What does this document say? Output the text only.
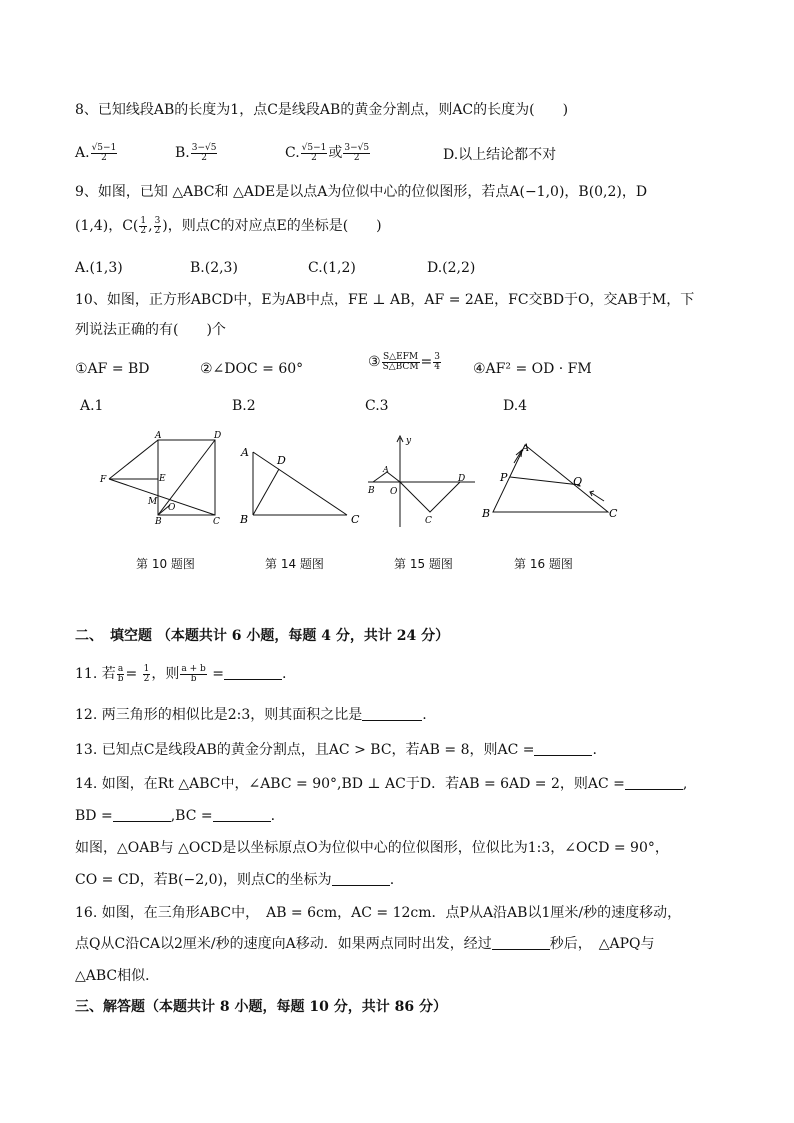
8、已知线段AB的长度为1，点C是线段AB的黄金分割点，则AC的长度为(　　)
A. $\frac{√5-1}{2}$	B. $\frac{3-√5}{2}$	C. $\frac{√5-1}{2}$ 或 $\frac{3-√5}{2}$	D.以上结论都不对
9、如图，已知 △ABC和 △ADE是以点A为位似中心的位似图形，若点A(−1,0)，B(0,2)，D
(1,4)，$C( \frac{1}{2}$ , $\frac{3}{2}$ )，则点C的对应点E的坐标是(　　)
A.(1,3)	B.(2,3)	C.(1,2)	D.(2,2)
10、如图，正方形ABCD中，E为AB中点，FE ⊥ AB，AF = 2AE，FC交BD于O，交AB于M，下
列说法正确的有(　　)个
①AF = BD	②∠DOC = 60°	③ $\frac{\text{S△EFM}}{\text{S△BCM}} = \frac{3}{4}$ ④AF² = OD · FM
A.1	B.2	C.3	D.4
A	D
F	E
M
O
B	C
A
D
B	C
y
A
B O
D
C
A
P	Q
B	C
第 10 题图	第 14 题图	第 15 题图	第 16 题图
二、　填空题 （本题共计 6 小题，每题 4 分，共计 24 分）
11. 若 $\frac{a}{b} = \frac{1}{2}$ ，则 $\frac{a + b}{b}$ =	.
12. 两三角形的相似比是2:3，则其面积之比是	.
13. 已知点C是线段AB的黄金分割点，且AC > BC，若AB = 8，则AC =	.
14. 如图，在Rt △ABC中，∠ABC = 90°,BD ⊥ AC于D．若AB = 6AD = 2，则AC =	,
BD =	,BC =	.
如图，△OAB与 △OCD是以坐标原点O为位似中心的位似图形，位似比为1:3，∠OCD = 90°，
CO = CD，若B(−2,0)，则点C的坐标为	.
16. 如图，在三角形ABC中，　AB = 6cm，AC = 12cm．点P从A沿AB以1厘米/秒的速度移动，
点Q从C沿CA以2厘米/秒的速度向A移动．如果两点同时出发，经过	秒后，　△APQ与
△ABC相似．
三、解答题（本题共计 8 小题，每题 10 分，共计 86 分）
